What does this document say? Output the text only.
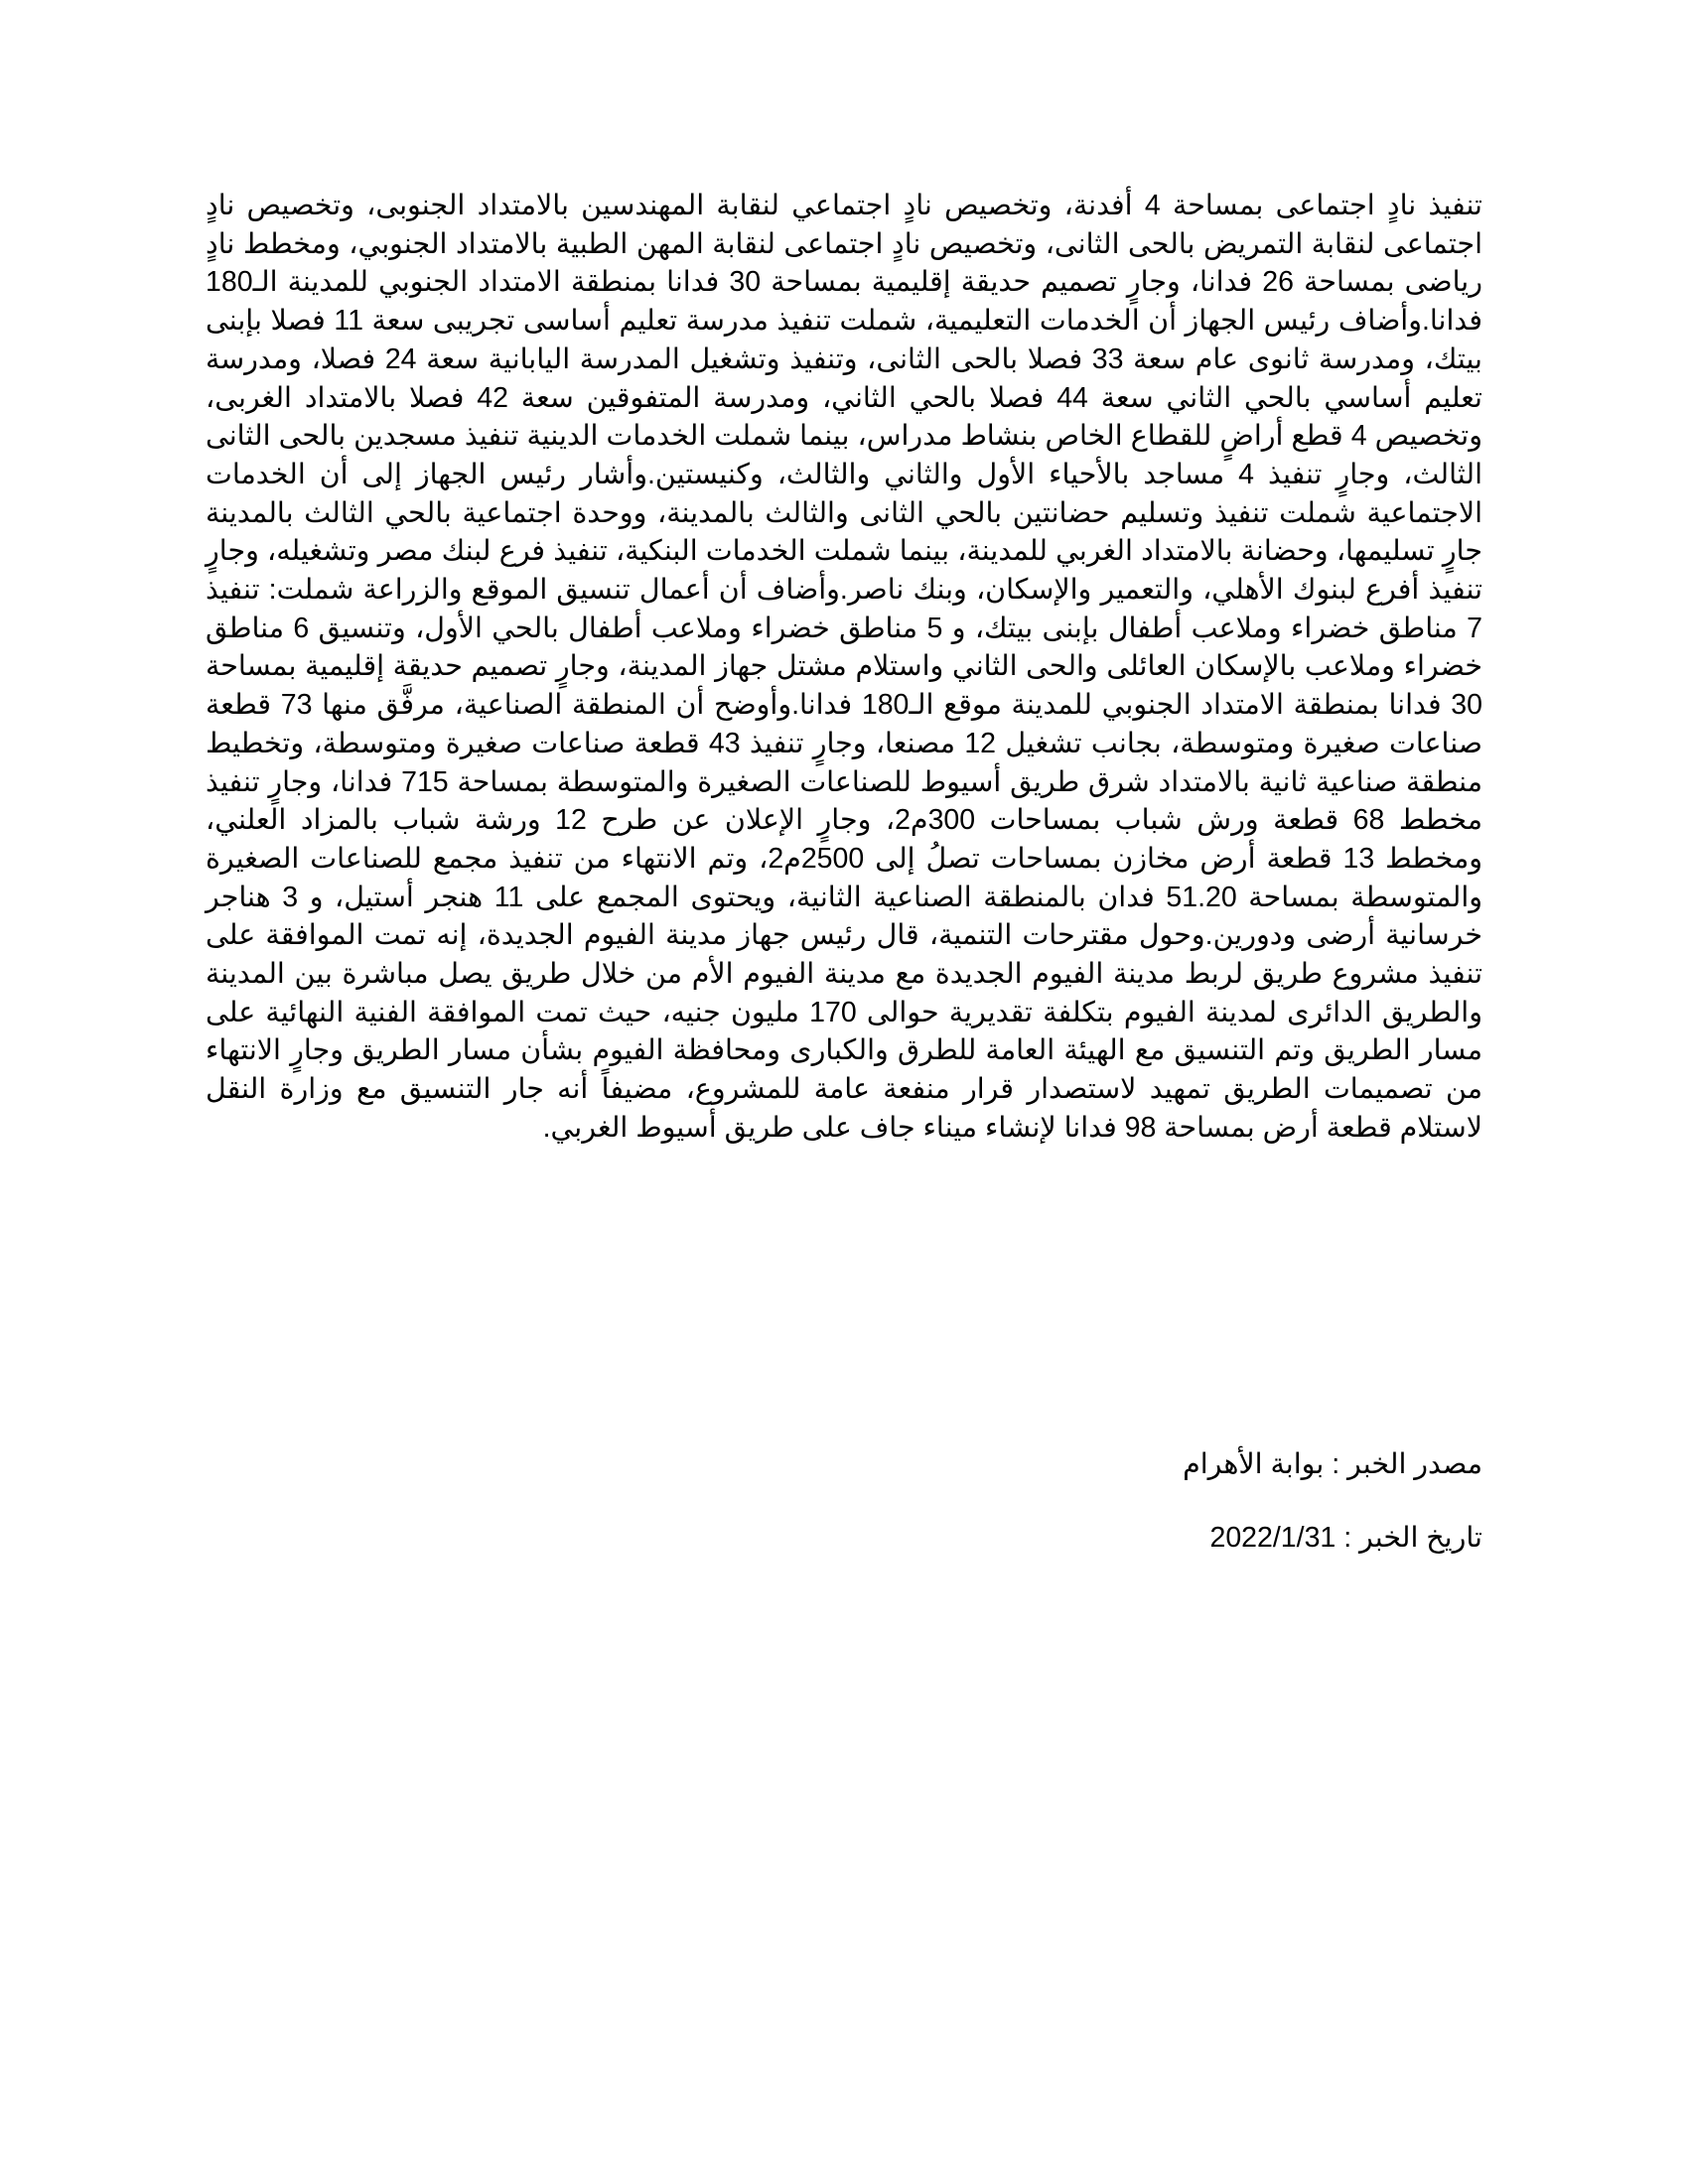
تنفيذ نادٍ اجتماعى بمساحة 4 أفدنة، وتخصيص نادٍ اجتماعي لنقابة المهندسين بالامتداد الجنوبى، وتخصيص نادٍ اجتماعى لنقابة التمريض بالحى الثانى، وتخصيص نادٍ اجتماعى لنقابة المهن الطبية بالامتداد الجنوبي، ومخطط نادٍ رياضى بمساحة 26 فدانا، وجارٍ تصميم حديقة إقليمية بمساحة 30 فدانا بمنطقة الامتداد الجنوبي للمدينة الـ180 فدانا.وأضاف رئيس الجهاز أن الخدمات التعليمية، شملت تنفيذ مدرسة تعليم أساسى تجريبى سعة 11 فصلا بإبنى بيتك، ومدرسة ثانوى عام سعة 33 فصلا بالحى الثانى، وتنفيذ وتشغيل المدرسة اليابانية سعة 24 فصلا، ومدرسة تعليم أساسي بالحي الثاني سعة 44 فصلا بالحي الثاني، ومدرسة المتفوقين سعة 42 فصلا بالامتداد الغربى، وتخصيص 4 قطع أراضٍ للقطاع الخاص بنشاط مدراس، بينما شملت الخدمات الدينية تنفيذ مسجدين بالحى الثانى الثالث، وجارٍ تنفيذ 4 مساجد بالأحياء الأول والثاني والثالث، وكنيستين.وأشار رئيس الجهاز إلى أن الخدمات الاجتماعية شملت تنفيذ وتسليم حضانتين بالحي الثانى والثالث بالمدينة، ووحدة اجتماعية بالحي الثالث بالمدينة جارٍ تسليمها، وحضانة بالامتداد الغربي للمدينة، بينما شملت الخدمات البنكية، تنفيذ فرع لبنك مصر وتشغيله، وجارٍ تنفيذ أفرع لبنوك الأهلي، والتعمير والإسكان، وبنك ناصر.وأضاف أن أعمال تنسيق الموقع والزراعة شملت: تنفيذ 7 مناطق خضراء وملاعب أطفال بإبنى بيتك، و 5 مناطق خضراء وملاعب أطفال بالحي الأول، وتنسيق 6 مناطق خضراء وملاعب بالإسكان العائلى والحى الثاني واستلام مشتل جهاز المدينة، وجارٍ تصميم حديقة إقليمية بمساحة 30 فدانا بمنطقة الامتداد الجنوبي للمدينة موقع الـ180 فدانا.وأوضح أن المنطقة الصناعية، مرفَّق منها 73 قطعة صناعات صغيرة ومتوسطة، بجانب تشغيل 12 مصنعا، وجارٍ تنفيذ 43 قطعة صناعات صغيرة ومتوسطة، وتخطيط منطقة صناعية ثانية بالامتداد شرق طريق أسيوط للصناعات الصغيرة والمتوسطة بمساحة 715 فدانا، وجارٍ تنفيذ مخطط 68 قطعة ورش شباب بمساحات 300م2، وجارٍ الإعلان عن طرح 12 ورشة شباب بالمزاد العلني، ومخطط 13 قطعة أرض مخازن بمساحات تصلُ إلى 2500م2، وتم الانتهاء من تنفيذ مجمع للصناعات الصغيرة والمتوسطة بمساحة 51.20 فدان بالمنطقة الصناعية الثانية، ويحتوى المجمع على 11 هنجر أستيل، و 3 هناجر خرسانية أرضى ودورين.وحول مقترحات التنمية، قال رئيس جهاز مدينة الفيوم الجديدة، إنه تمت الموافقة على تنفيذ مشروع طريق لربط مدينة الفيوم الجديدة مع مدينة الفيوم الأم من خلال طريق يصل مباشرة بين المدينة والطريق الدائرى لمدينة الفيوم بتكلفة تقديرية حوالى 170 مليون جنيه، حيث تمت الموافقة الفنية النهائية على مسار الطريق وتم التنسيق مع الهيئة العامة للطرق والكبارى ومحافظة الفيوم بشأن مسار الطريق وجارٍ الانتهاء من تصميمات الطريق تمهيد لاستصدار قرار منفعة عامة للمشروع، مضيفاً أنه جار التنسيق مع وزارة النقل لاستلام قطعة أرض بمساحة 98 فدانا لإنشاء ميناء جاف على طريق أسيوط الغربي.

مصدر الخبر : بوابة الأهرام
تاريخ الخبر : 2022/1/31
